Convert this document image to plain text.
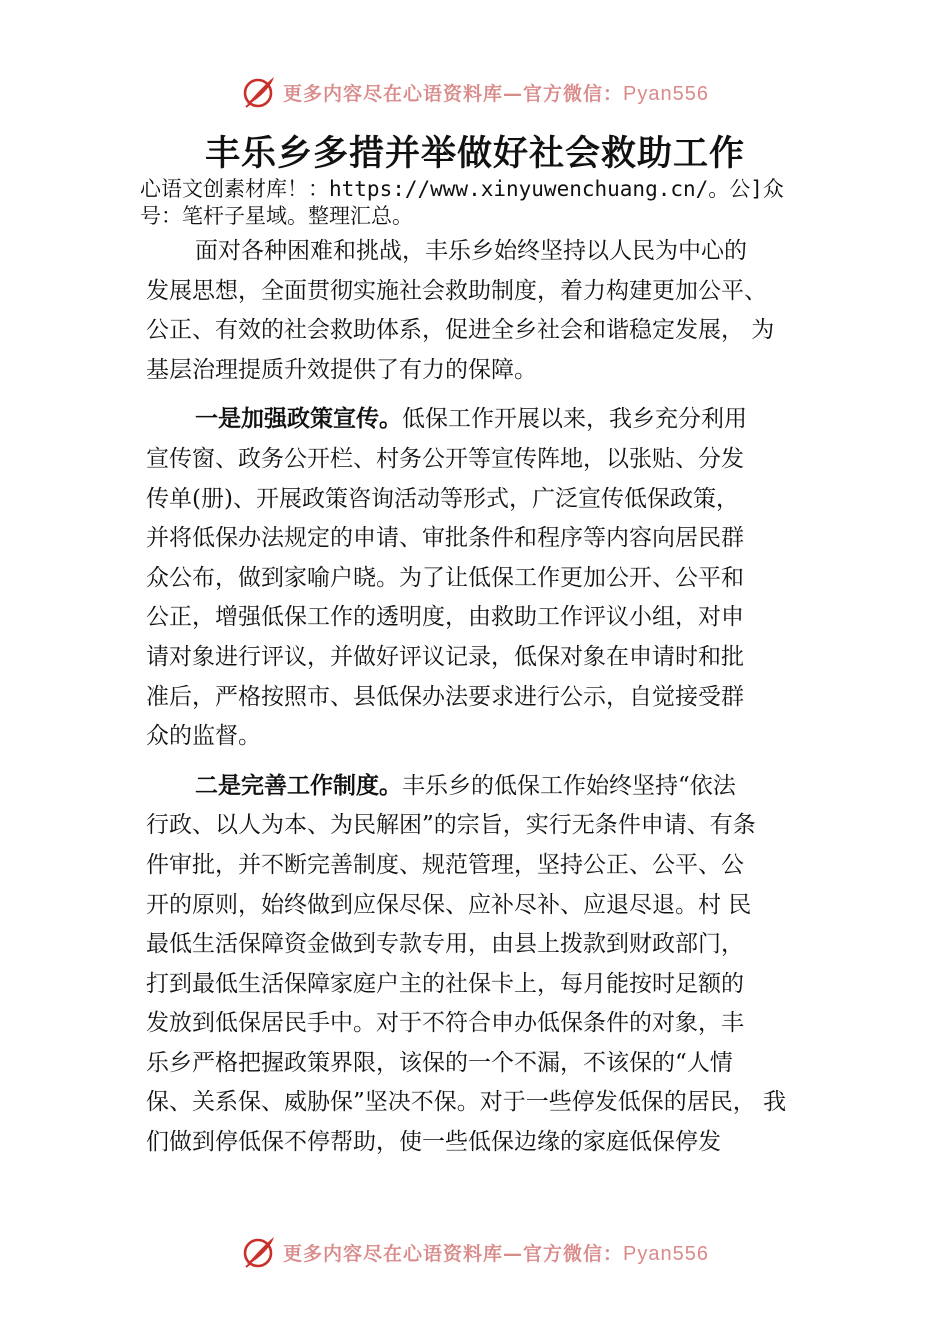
更多内容尽在心语资料库—官方微信：Pyan556
丰乐乡多措并举做好社会救助工作
心语文创素材库！：https://www.xinyuwenchuang.cn/。公]众
号：笔杆子星域。整理汇总。
面对各种困难和挑战，丰乐乡始终坚持以人民为中心的
发展思想，全面贯彻实施社会救助制度，着力构建更加公平、
公正、有效的社会救助体系，促进全乡社会和谐稳定发展， 为
基层治理提质升效提供了有力的保障。
一是加强政策宣传。低保工作开展以来，我乡充分利用
宣传窗、政务公开栏、村务公开等宣传阵地，以张贴、分发
传单(册)、开展政策咨询活动等形式，广泛宣传低保政策，
并将低保办法规定的申请、审批条件和程序等内容向居民群
众公布，做到家喻户晓。为了让低保工作更加公开、公平和
公正，增强低保工作的透明度，由救助工作评议小组，对申
请对象进行评议，并做好评议记录，低保对象在申请时和批
准后，严格按照市、县低保办法要求进行公示，自觉接受群
众的监督。
二是完善工作制度。丰乐乡的低保工作始终坚持“依法
行政、以人为本、为民解困”的宗旨，实行无条件申请、有条
件审批，并不断完善制度、规范管理，坚持公正、公平、公
开的原则，始终做到应保尽保、应补尽补、应退尽退。村 民
最低生活保障资金做到专款专用，由县上拨款到财政部门，
打到最低生活保障家庭户主的社保卡上，每月能按时足额的
发放到低保居民手中。对于不符合申办低保条件的对象，丰
乐乡严格把握政策界限，该保的一个不漏，不该保的“人情
保、关系保、威胁保”坚决不保。对于一些停发低保的居民， 我
们做到停低保不停帮助，使一些低保边缘的家庭低保停发
更多内容尽在心语资料库—官方微信：Pyan556
